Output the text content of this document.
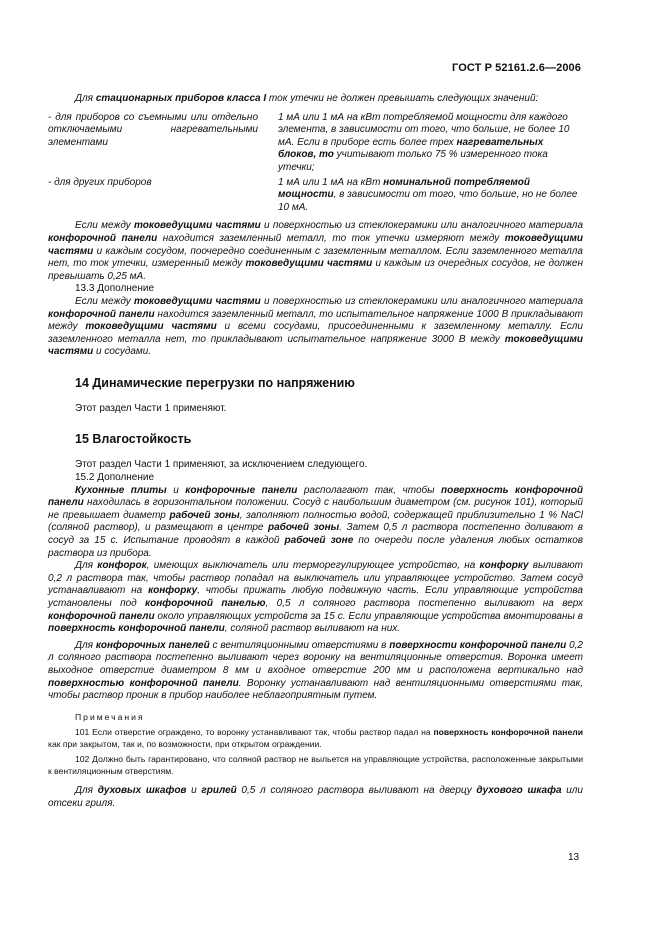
ГОСТ Р 52161.2.6—2006

Для стационарных приборов класса I ток утечки не должен превышать следующих значений:

- для приборов со съемными или отдельно отключаемыми нагревательными элементами
1 мА или 1 мА на кВт потребляемой мощности для каждого элемента, в зависимости от того, что больше, не более 10 мА. Если в приборе есть более трех нагревательных блоков, то учитывают только 75 % измеренного тока утечки;
- для других приборов	1 мА или 1 мА на кВт номинальной потребляемой мощности, в зависимости от того, что больше, но не более 10 мА.

Если между токоведущими частями и поверхностью из стеклокерамики или аналогичного материала конфорочной панели находится заземленный металл, то ток утечки измеряют между токоведущими частями и каждым сосудом, поочередно соединенным с заземленным металлом. Если заземленного металла нет, то ток утечки, измеренный между токоведущими частями и каждым из очередных сосудов, не должен превышать 0,25 мА.

13.3 Дополнение

Если между токоведущими частями и поверхностью из стеклокерамики или аналогичного материала конфорочной панели находится заземленный металл, то испытательное напряжение 1000 В прикладывают между токоведущими частями и всеми сосудами, присоединенными к заземленному металлу. Если заземленного металла нет, то прикладывают испытательное напряжение 3000 В между токоведущими частями и сосудами.

14 Динамические перегрузки по напряжению

Этот раздел Части 1 применяют.

15 Влагостойкость

Этот раздел Части 1 применяют, за исключением следующего.

15.2 Дополнение

Кухонные плиты и конфорочные панели располагают так, чтобы поверхность конфорочной панели находилась в горизонтальном положении. Сосуд с наибольшим диаметром (см. рисунок 101), который не превышает диаметр рабочей зоны, заполняют полностью водой, содержащей приблизительно 1 % NaCl (соляной раствор), и размещают в центре рабочей зоны. Затем 0,5 л раствора постепенно доливают в сосуд за 15 с. Испытание проводят в каждой рабочей зоне по очереди после удаления любых остатков раствора из прибора.

Для конфорок, имеющих выключатель или терморегулирующее устройство, на конфорку выливают 0,2 л раствора так, чтобы раствор попадал на выключатель или управляющее устройство. Затем сосуд устанавливают на конфорку, чтобы прижать любую подвижную часть. Если управляющие устройства установлены под конфорочной панелью, 0,5 л соляного раствора постепенно выливают на верх конфорочной панели около управляющих устройств за 15 с. Если управляющие устройства вмонтированы в поверхность конфорочной панели, соляной раствор выливают на них.

Для конфорочных панелей с вентиляционными отверстиями в поверхности конфорочной панели 0,2 л соляного раствора постепенно выливают через воронку на вентиляционные отверстия. Воронка имеет выходное отверстие диаметром 8 мм и входное отверстие 200 мм и расположена вертикально над поверхностью конфорочной панели. Воронку устанавливают над вентиляционными отверстиями так, чтобы раствор проник в прибор наиболее неблагоприятным путем.

Примечания

101 Если отверстие ограждено, то воронку устанавливают так, чтобы раствор падал на поверхность конфорочной панели как при закрытом, так и, по возможности, при открытом ограждении.

102 Должно быть гарантировано, что соляной раствор не выльется на управляющие устройства, расположенные закрытыми к вентиляционным отверстиям.

Для духовых шкафов и грилей 0,5 л соляного раствора выливают на дверцу духового шкафа или отсеки гриля.

13
